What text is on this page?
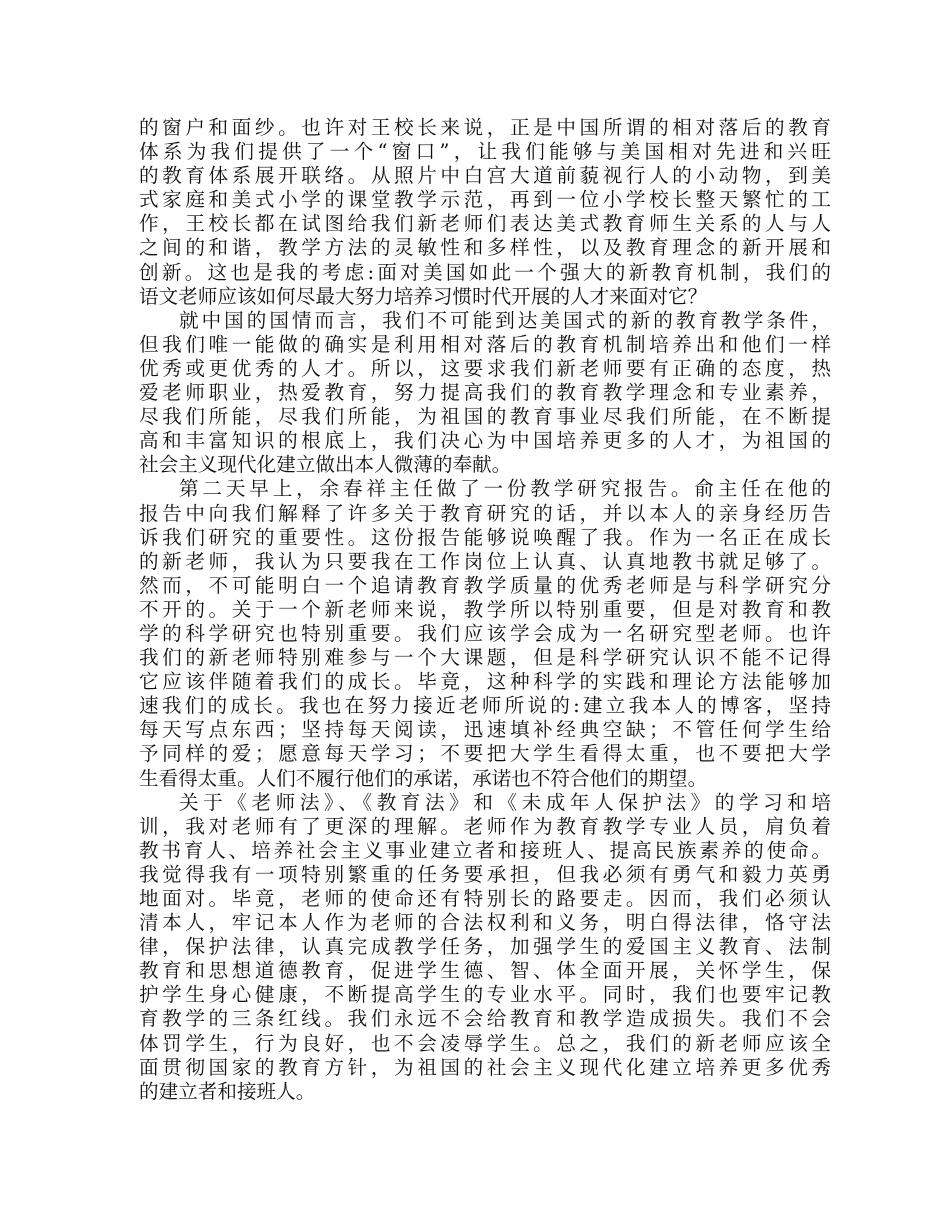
的窗户和面纱。也许对王校长来说，正是中国所谓的相对落后的教育
体系为我们提供了一个“窗口”，让我们能够与美国相对先进和兴旺
的教育体系展开联络。从照片中白宫大道前藐视行人的小动物，到美
式家庭和美式小学的课堂教学示范，再到一位小学校长整天繁忙的工
作，王校长都在试图给我们新老师们表达美式教育师生关系的人与人
之间的和谐，教学方法的灵敏性和多样性，以及教育理念的新开展和
创新。这也是我的考虑:面对美国如此一个强大的新教育机制，我们的
语文老师应该如何尽最大努力培养习惯时代开展的人才来面对它？
就中国的国情而言，我们不可能到达美国式的新的教育教学条件，
但我们唯一能做的确实是利用相对落后的教育机制培养出和他们一样
优秀或更优秀的人才。所以，这要求我们新老师要有正确的态度，热
爱老师职业，热爱教育，努力提高我们的教育教学理念和专业素养，
尽我们所能，尽我们所能，为祖国的教育事业尽我们所能，在不断提
高和丰富知识的根底上，我们决心为中国培养更多的人才，为祖国的
社会主义现代化建立做出本人微薄的奉献。
第二天早上，余春祥主任做了一份教学研究报告。俞主任在他的
报告中向我们解释了许多关于教育研究的话，并以本人的亲身经历告
诉我们研究的重要性。这份报告能够说唤醒了我。作为一名正在成长
的新老师，我认为只要我在工作岗位上认真、认真地教书就足够了。
然而，不可能明白一个追请教育教学质量的优秀老师是与科学研究分
不开的。关于一个新老师来说，教学所以特别重要，但是对教育和教
学的科学研究也特别重要。我们应该学会成为一名研究型老师。也许
我们的新老师特别难参与一个大课题，但是科学研究认识不能不记得
它应该伴随着我们的成长。毕竟，这种科学的实践和理论方法能够加
速我们的成长。我也在努力接近老师所说的:建立我本人的博客，坚持
每天写点东西；坚持每天阅读，迅速填补经典空缺；不管任何学生给
予同样的爱；愿意每天学习；不要把大学生看得太重，也不要把大学
生看得太重。人们不履行他们的承诺，承诺也不符合他们的期望。
关于《老师法》、《教育法》和《未成年人保护法》的学习和培
训，我对老师有了更深的理解。老师作为教育教学专业人员，肩负着
教书育人、培养社会主义事业建立者和接班人、提高民族素养的使命。
我觉得我有一项特别繁重的任务要承担，但我必须有勇气和毅力英勇
地面对。毕竟，老师的使命还有特别长的路要走。因而，我们必须认
清本人，牢记本人作为老师的合法权利和义务，明白得法律，恪守法
律，保护法律，认真完成教学任务，加强学生的爱国主义教育、法制
教育和思想道德教育，促进学生德、智、体全面开展，关怀学生，保
护学生身心健康，不断提高学生的专业水平。同时，我们也要牢记教
育教学的三条红线。我们永远不会给教育和教学造成损失。我们不会
体罚学生，行为良好，也不会凌辱学生。总之，我们的新老师应该全
面贯彻国家的教育方针，为祖国的社会主义现代化建立培养更多优秀
的建立者和接班人。
